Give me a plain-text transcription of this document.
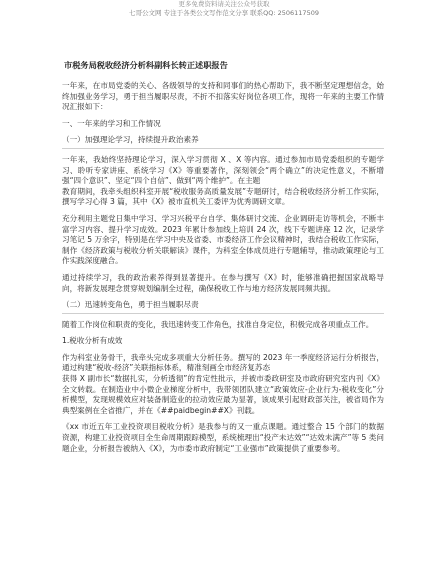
更多免费资料请关注公众号获取
七哥公文网 专注于各类公文写作范文分享 联系QQ: 2506117509
市税务局税收经济分析科副科长转正述职报告

一年来，在市局党委的关心、各级领导的支持和同事们的热心帮助下，我不断坚定理想信念，始终加强业务学习，勇于担当履职尽责，不折不扣落实好岗位各项工作，现将一年来的主要工作情况汇报如下：

一、一年来的学习和工作情况

（一）加强理论学习，持续提升政治素养

一年来，我始终坚持理论学习，深入学习贯彻 X 、X 等内容。通过参加市局党委组织的专题学习、聆听专家讲座、系统学习《X》等重要著作，深刻领会“两个确立”的决定性意义，不断增强“四个意识”、坚定“四个自信”、做到“两个维护”。在主题

教育期间，我牵头组织科室开展“税收服务高质量发展”专题研讨，结合税收经济分析工作实际，撰写学习心得 3 篇，其中《X》被市直机关工委评为优秀调研文章。

充分利用主题党日集中学习、学习兴税平台自学、集体研讨交流、企业调研走访等机会，不断丰富学习内容、提升学习成效。2023 年累计参加线上培训 24 次，线下专题讲座 12 次，记录学习笔记 5 万余字，特别是在学习中央及省委、市委经济工作会议精神时，我结合税收工作实际，制作《经济政策与税收分析关联解读》课件，为科室全体成员进行专题辅导，推动政策理论与工作实践深度融合。

通过持续学习，我的政治素养得到显著提升。在参与撰写《X》时，能够准确把握国家战略导向，将新发展理念贯穿规划编制全过程，确保税收工作与地方经济发展同频共振。

（二）迅速转变角色，勇于担当履职尽责

随着工作岗位和职责的变化，我迅速转变工作角色，找准自身定位，积极完成各项重点工作。

1.税收分析有成效

作为科室业务骨干，我牵头完成多项重大分析任务。撰写的 2023 年一季度经济运行分析报告，通过构建“税收-经济”关联指标体系，精准刻画全市经济复苏态

获得 X 副市长“数据扎实，分析透彻”的肯定性批示，并被市委政研室及市政府研究室内刊《X》全文转载。在制造业中小微企业梯度分析中，我带领团队建立“政策效应-企业行为-税收变化”分析模型，发现规模效应对装备制造业的拉动效应最为显著，该成果引起财政部关注，被省局作为典型案例在全省推广，并在《##paidbegin##X》刊载。

《xx 市近五年工业投资项目税收分析》是我参与的又一重点课题。通过整合 15 个部门的数据资源，构建工业投资项目全生命周期跟踪模型，系统梳理出“投产未达效”“达效未满产”等 5 类问题企业，分析报告被纳入《X》，为市委市政府制定“工业强市”政策提供了重要参考。
